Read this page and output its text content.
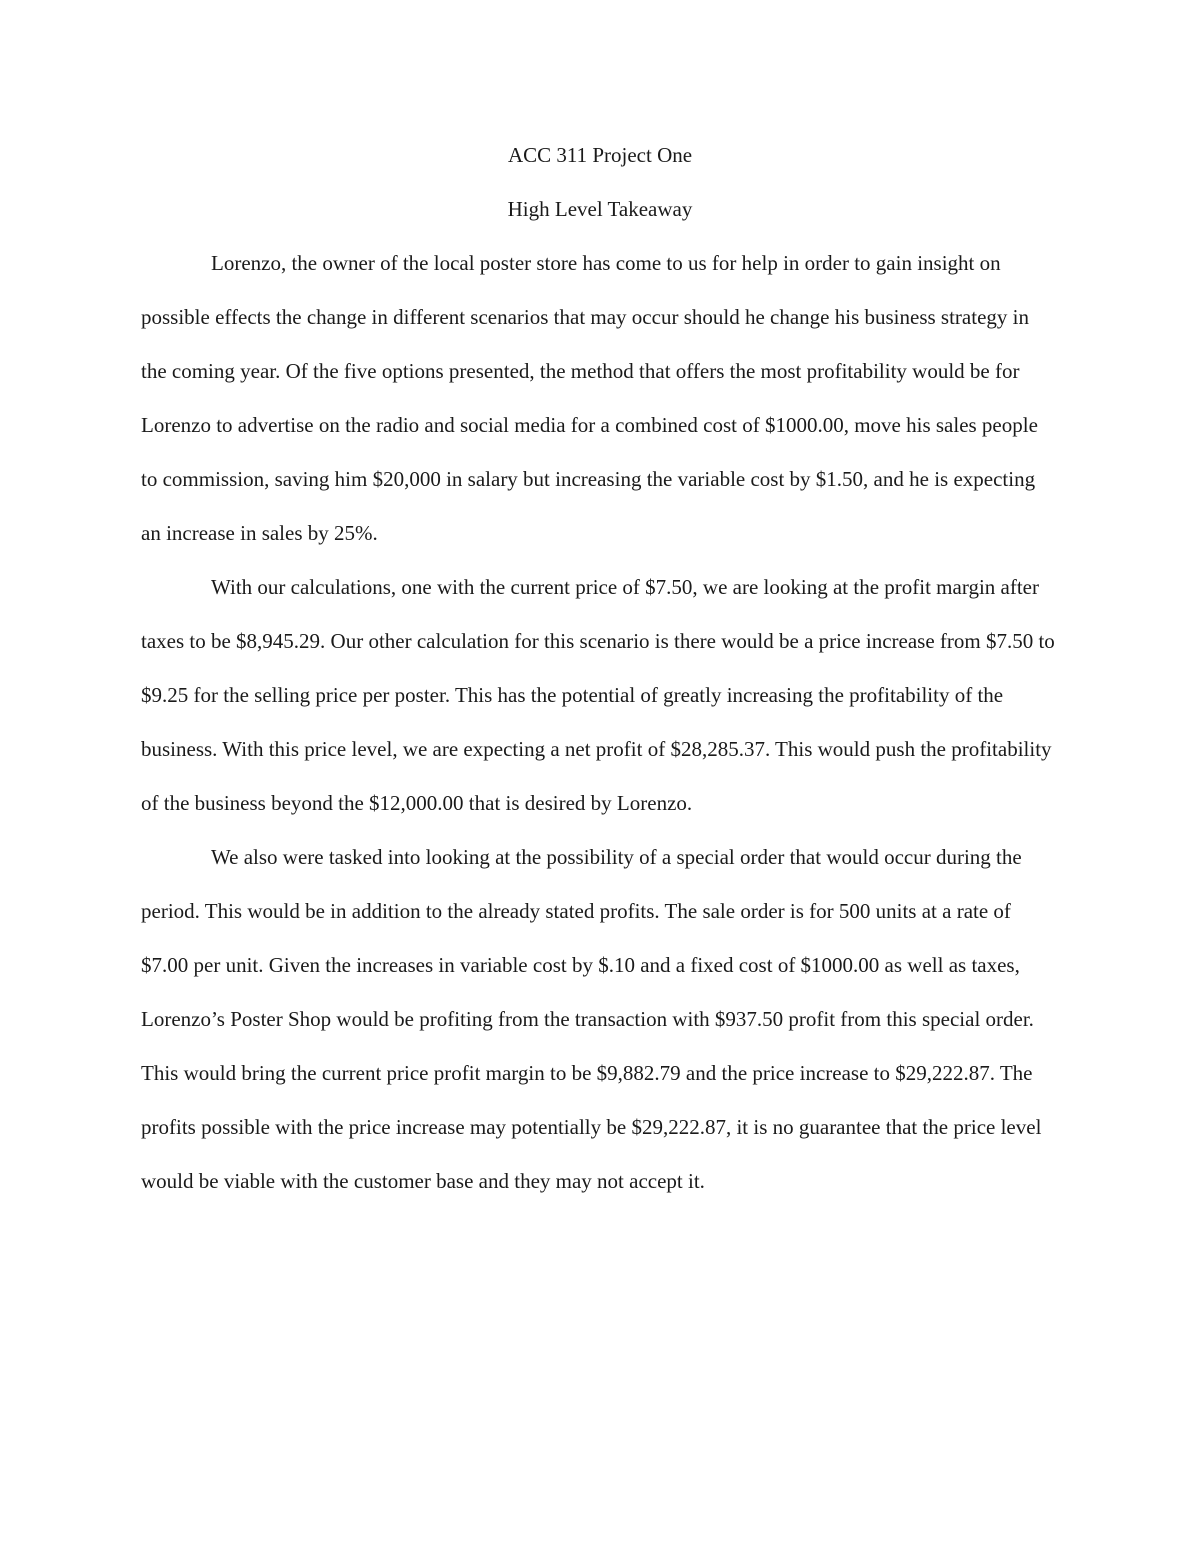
ACC 311 Project One
High Level Takeaway

Lorenzo, the owner of the local poster store has come to us for help in order to gain insight on possible effects the change in different scenarios that may occur should he change his business strategy in the coming year. Of the five options presented, the method that offers the most profitability would be for Lorenzo to advertise on the radio and social media for a combined cost of $1000.00, move his sales people to commission, saving him $20,000 in salary but increasing the variable cost by $1.50, and he is expecting an increase in sales by 25%.

With our calculations, one with the current price of $7.50, we are looking at the profit margin after taxes to be $8,945.29. Our other calculation for this scenario is there would be a price increase from $7.50 to $9.25 for the selling price per poster. This has the potential of greatly increasing the profitability of the business. With this price level, we are expecting a net profit of $28,285.37. This would push the profitability of the business beyond the $12,000.00 that is desired by Lorenzo.

We also were tasked into looking at the possibility of a special order that would occur during the period. This would be in addition to the already stated profits. The sale order is for 500 units at a rate of $7.00 per unit. Given the increases in variable cost by $.10 and a fixed cost of $1000.00 as well as taxes, Lorenzo’s Poster Shop would be profiting from the transaction with $937.50 profit from this special order. This would bring the current price profit margin to be $9,882.79 and the price increase to $29,222.87. The profits possible with the price increase may potentially be $29,222.87, it is no guarantee that the price level would be viable with the customer base and they may not accept it.
